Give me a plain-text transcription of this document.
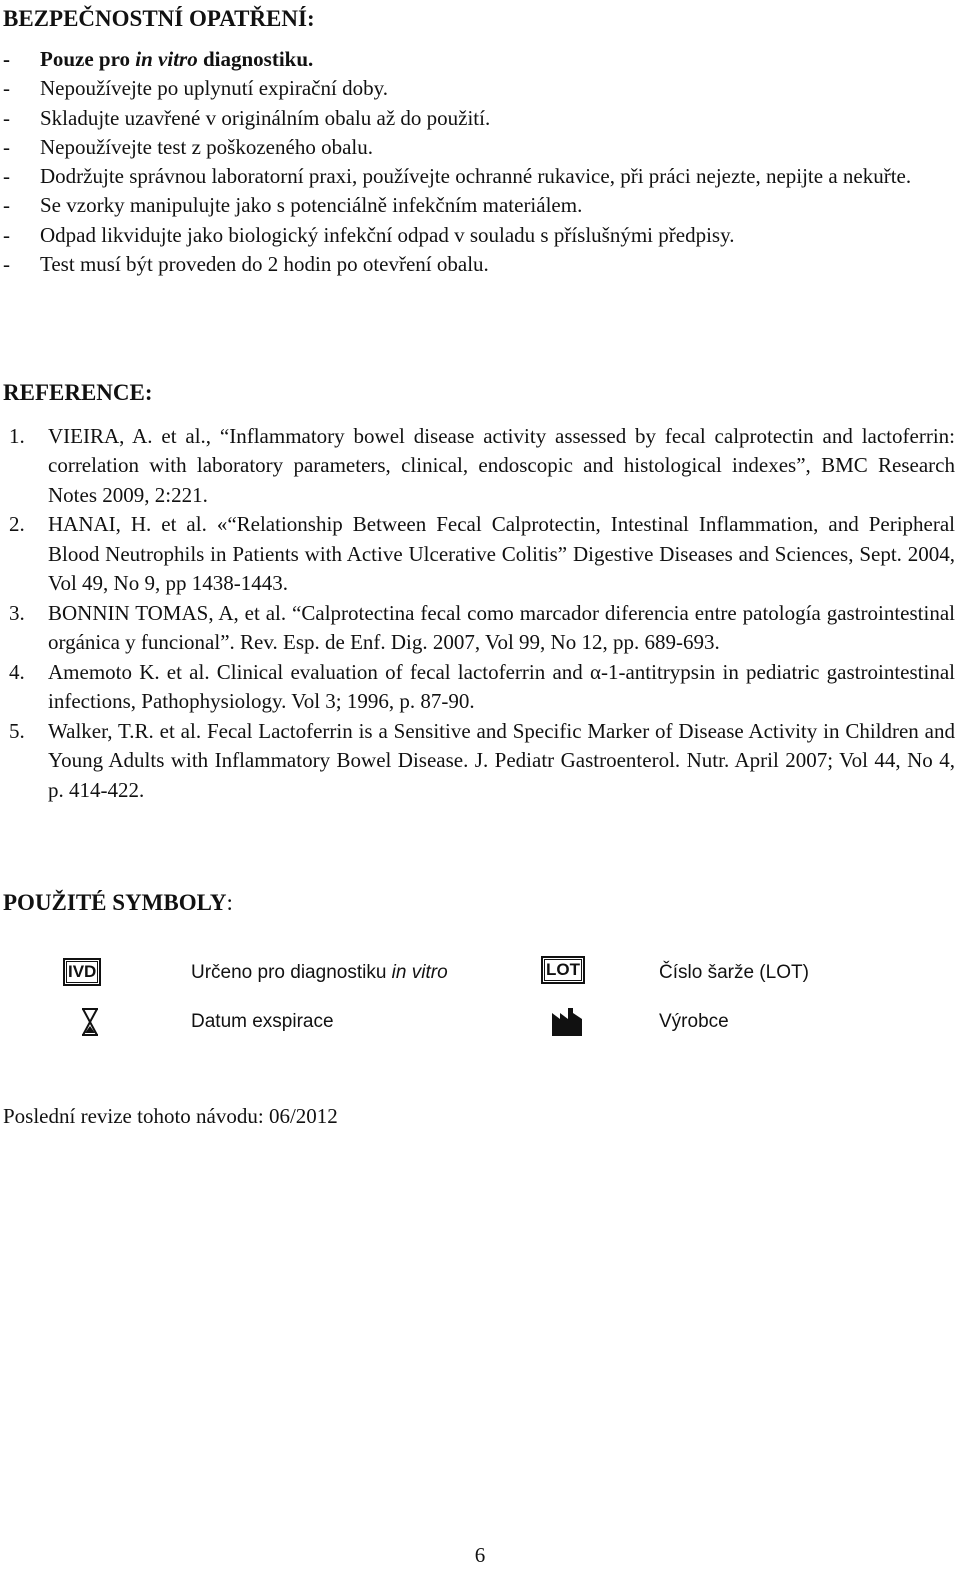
BEZPEČNOSTNÍ OPATŘENÍ:
- Pouze pro in vitro diagnostiku.
- Nepoužívejte po uplynutí expirační doby.
- Skladujte uzavřené v originálním obalu až do použití.
- Nepoužívejte test z poškozeného obalu.
- Dodržujte správnou laboratorní praxi, používejte ochranné rukavice, při práci nejezte, nepijte a nekuřte.
- Se vzorky manipulujte jako s potenciálně infekčním materiálem.
- Odpad likvidujte jako biologický infekční odpad v souladu s příslušnými předpisy.
- Test musí být proveden do 2 hodin po otevření obalu.
REFERENCE:
1. VIEIRA, A. et al., “Inflammatory bowel disease activity assessed by fecal calprotectin and lactoferrin: correlation with laboratory parameters, clinical, endoscopic and histological indexes”, BMC Research Notes 2009, 2:221.
2. HANAI, H. et al. «“Relationship Between Fecal Calprotectin, Intestinal Inflammation, and Peripheral Blood Neutrophils in Patients with Active Ulcerative Colitis” Digestive Diseases and Sciences, Sept. 2004, Vol 49, No 9, pp 1438-1443.
3. BONNIN TOMAS, A, et al. “Calprotectina fecal como marcador diferencia entre patología gastrointestinal orgánica y funcional”. Rev. Esp. de Enf. Dig. 2007, Vol 99, No 12, pp. 689-693.
4. Amemoto K. et al. Clinical evaluation of fecal lactoferrin and α-1-antitrypsin in pediatric gastrointestinal infections, Pathophysiology. Vol 3; 1996, p. 87-90.
5. Walker, T.R. et al. Fecal Lactoferrin is a Sensitive and Specific Marker of Disease Activity in Children and Young Adults with Inflammatory Bowel Disease. J. Pediatr Gastroenterol. Nutr. April 2007; Vol 44, No 4, p. 414-422.
POUŽITÉ SYMBOLY:
IVD	Určeno pro diagnostiku in vitro	LOT	Číslo šarže (LOT)
Datum exspirace	Výrobce
Poslední revize tohoto návodu: 06/2012
6
